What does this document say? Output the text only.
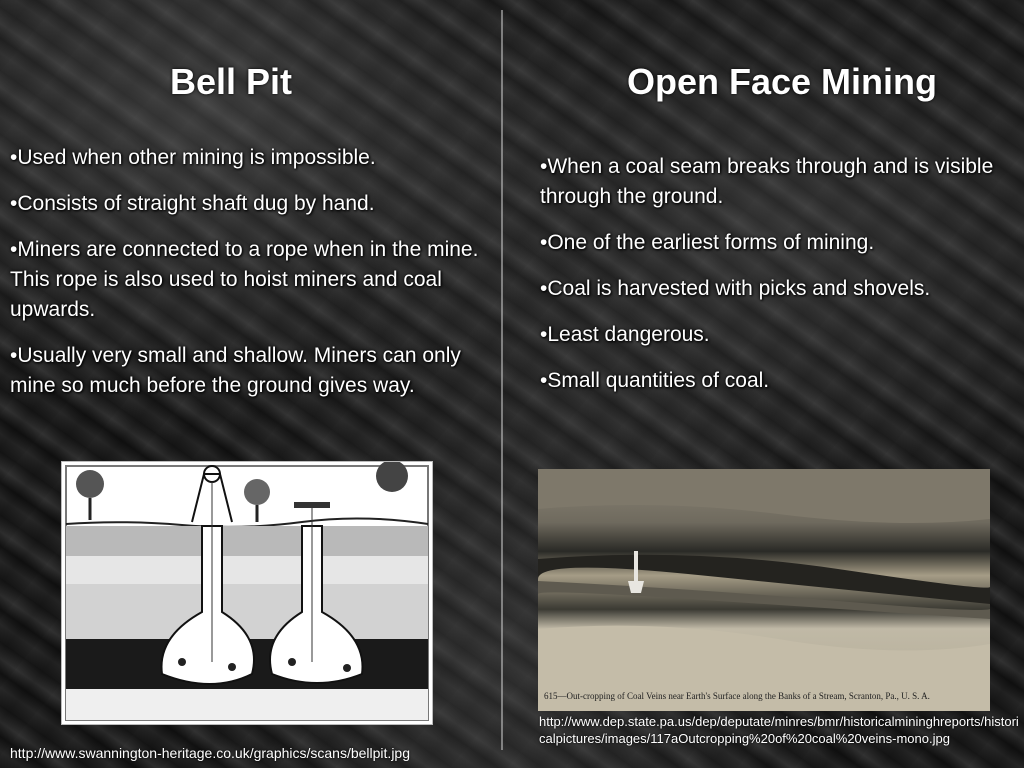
Bell Pit	Open Face Mining
•Used when other mining is impossible.
•Consists of straight shaft dug by hand.
•Miners are connected to a rope when in the mine. This rope is also used to hoist miners and coal upwards.
•Usually very small and shallow. Miners can only mine so much before the ground gives way.
•When a coal seam breaks through and is visible through the ground.
•One of the earliest forms of mining.
•Coal is harvested with picks and shovels.
•Least dangerous.
•Small quantities of coal.
615—Out-cropping of Coal Veins near Earth's Surface along the Banks of a Stream, Scranton, Pa., U. S. A.

http://www.swannington-heritage.co.uk/graphics/scans/bellpit.jpg

http://www.dep.state.pa.us/dep/deputate/minres/bmr/historicalmininghreports/historicalpictures/images/117aOutcropping%20of%20coal%20veins-mono.jpg
